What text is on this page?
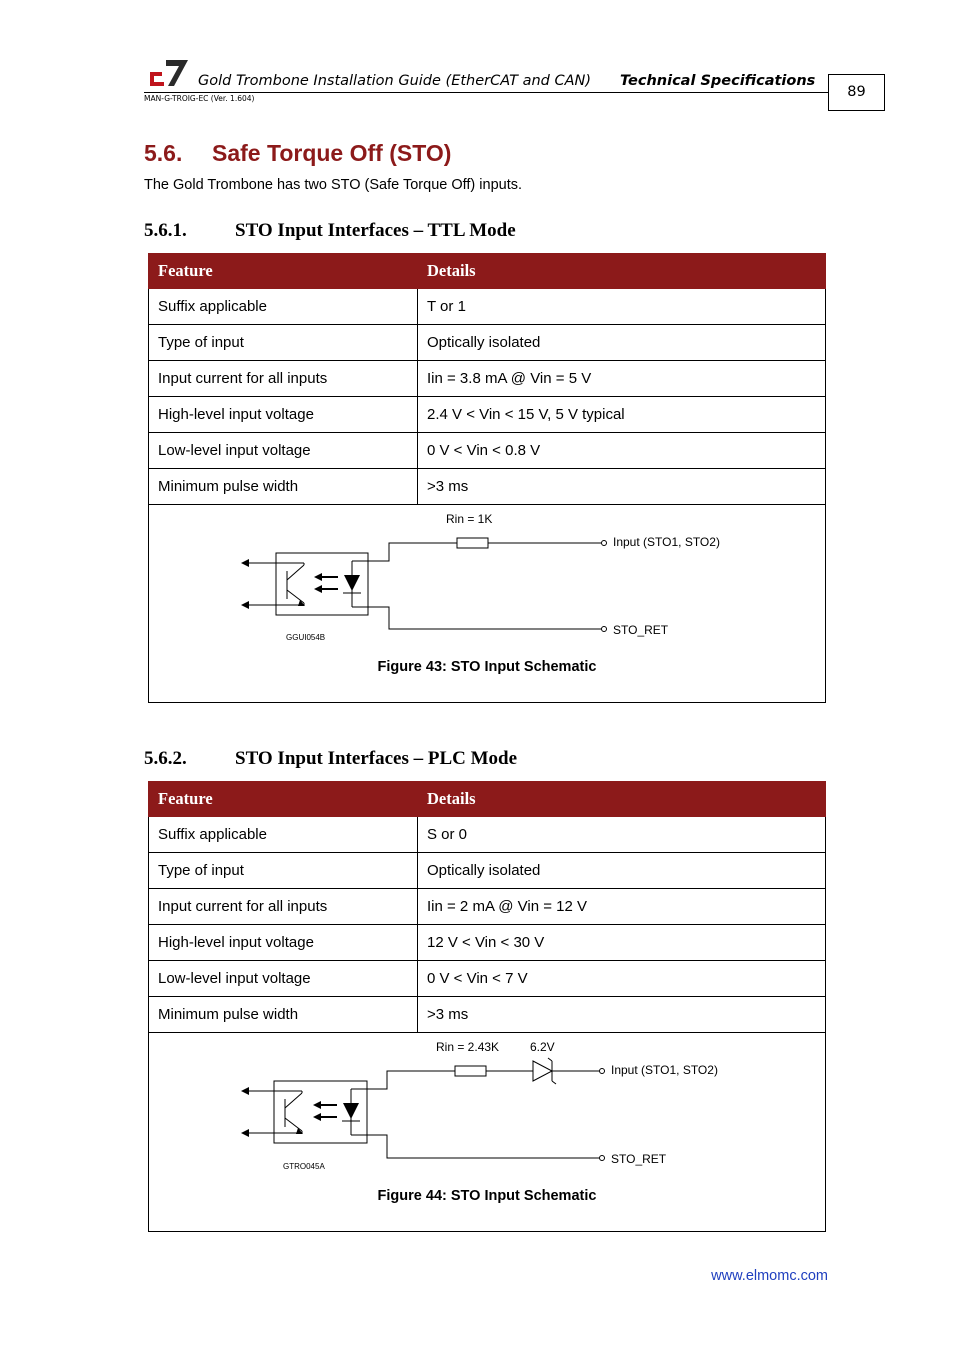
Gold Trombone Installation Guide (EtherCAT and CAN) Technical Specifications
MAN-G-TROIG-EC (Ver. 1.604)	89
5.6. Safe Torque Off (STO)
The Gold Trombone has two STO (Safe Torque Off) inputs.
5.6.1.	STO Input Interfaces – TTL Mode
Feature	Details
Suffix applicable	T or 1
Type of input	Optically isolated
Input current for all inputs	Iin = 3.8 mA @ Vin = 5 V
High-level input voltage	2.4 V < Vin < 15 V, 5 V typical
Low-level input voltage	0 V < Vin < 0.8 V
Minimum pulse width	>3 ms
Rin = 1K
Input (STO1, STO2)
STO_RET
GGUI054B
Figure 43: STO Input Schematic
5.6.2.	STO Input Interfaces – PLC Mode
Feature	Details
Suffix applicable	S or 0
Type of input	Optically isolated
Input current for all inputs	Iin = 2 mA @ Vin = 12 V
High-level input voltage	12 V < Vin < 30 V
Low-level input voltage	0 V < Vin < 7 V
Minimum pulse width	>3 ms
Rin = 2.43K	6.2V
Input (STO1, STO2)
STO_RET
GTRO045A
Figure 44: STO Input Schematic
www.elmomc.com
